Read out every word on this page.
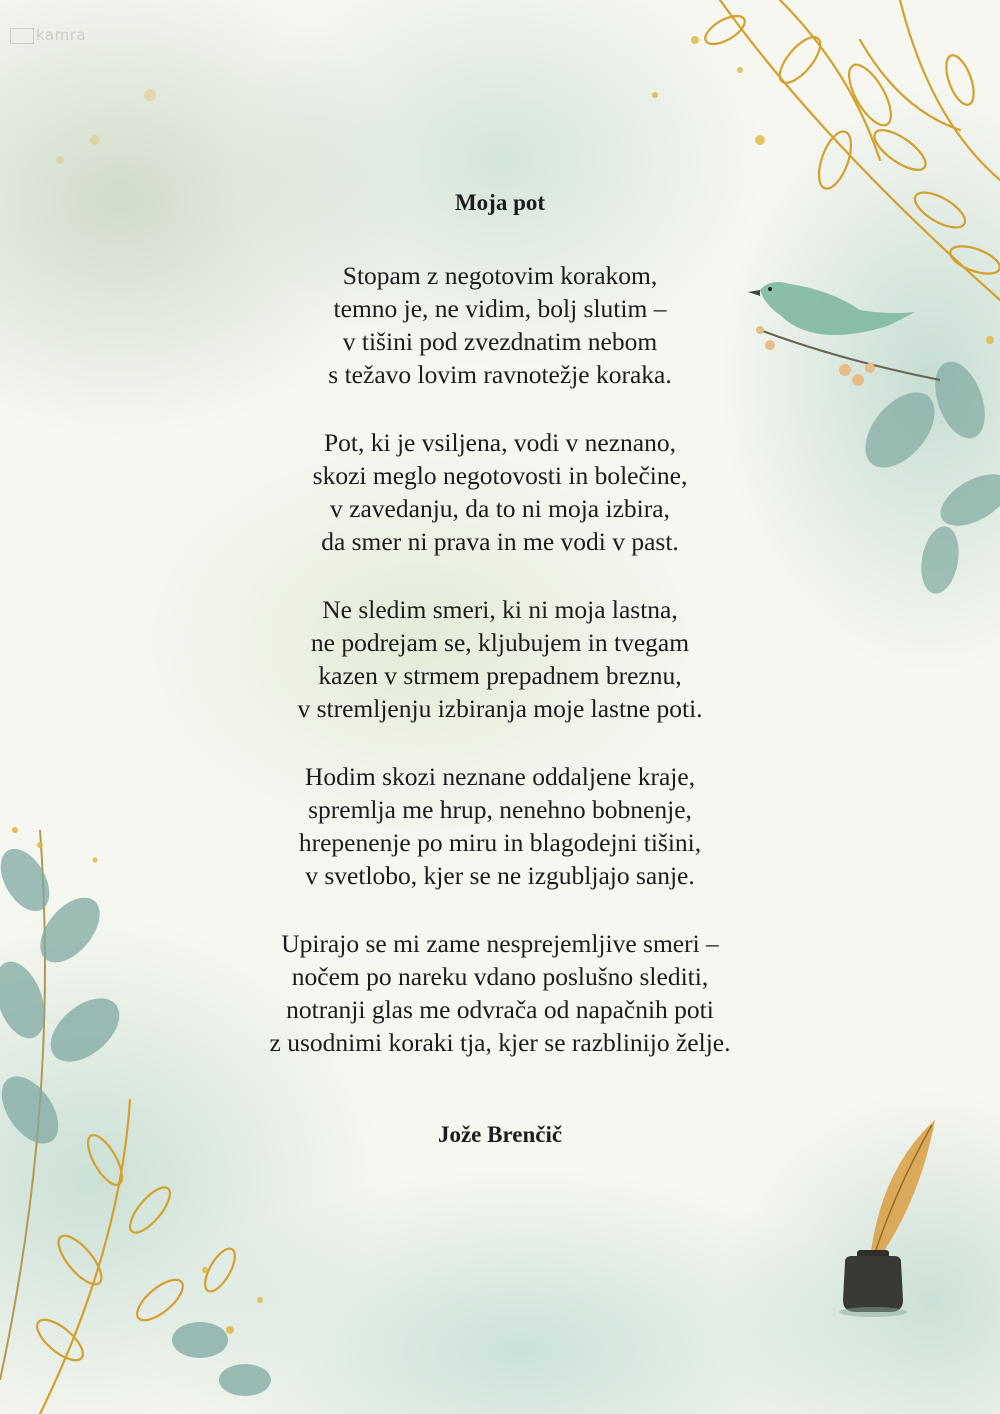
kamra
Moja pot
Stopam z negotovim korakom,
temno je, ne vidim, bolj slutim –
v tišini pod zvezdnatim nebom
s težavo lovim ravnotežje koraka.
Pot, ki je vsiljena, vodi v neznano,
skozi meglo negotovosti in bolečine,
v zavedanju, da to ni moja izbira,
da smer ni prava in me vodi v past.
Ne sledim smeri, ki ni moja lastna,
ne podrejam se, kljubujem in tvegam
kazen v strmem prepadnem breznu,
v stremljenju izbiranja moje lastne poti.
Hodim skozi neznane oddaljene kraje,
spremlja me hrup, nenehno bobnenje,
hrepenenje po miru in blagodejni tišini,
v svetlobo, kjer se ne izgubljajo sanje.
Upirajo se mi zame nesprejemljive smeri –
nočem po nareku vdano poslušno slediti,
notranji glas me odvrača od napačnih poti
z usodnimi koraki tja, kjer se razblinijo želje.
Jože Brenčič
